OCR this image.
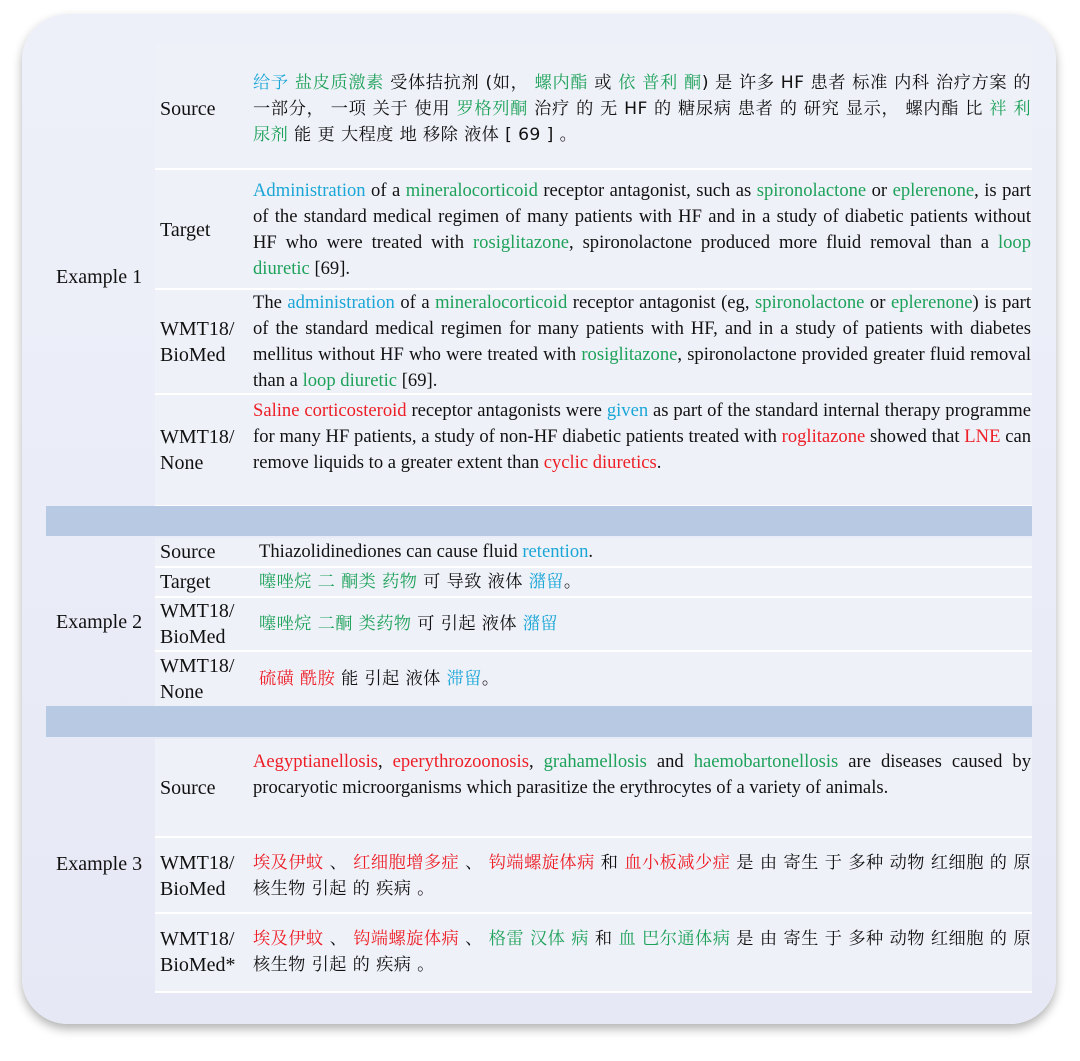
Example 1
Source
给予 盐皮质激素 受体拮抗剂 (如， 螺内酯 或 依 普利 酮) 是 许多 HF 患者 标准 内科 治疗方案 的 一部分， 一项 关于 使用 罗格列酮 治疗 的 无 HF 的 糖尿病 患者 的 研究 显示， 螺内酯 比 袢 利尿剂 能 更 大程度 地 移除 液体 [ 69 ] 。
Target
Administration of a mineralocorticoid receptor antagonist, such as spironolactone or eplerenone, is part of the standard medical regimen of many patients with HF and in a study of diabetic patients without HF who were treated with rosiglitazone, spironolactone produced more fluid removal than a loop diuretic [69].
WMT18/
BioMed
The administration of a mineralocorticoid receptor antagonist (eg, spironolactone or eplerenone) is part of the standard medical regimen for many patients with HF, and in a study of patients with diabetes mellitus without HF who were treated with rosiglitazone, spironolactone provided greater fluid removal than a loop diuretic [69].
WMT18/
None
Saline corticosteroid receptor antagonists were given as part of the standard internal therapy programme for many HF patients, a study of non-HF diabetic patients treated with roglitazone showed that LNE can remove liquids to a greater extent than cyclic diuretics.
Example 2
Source Thiazolidinediones can cause fluid retention.
Target	噻唑烷 二 酮类 药物 可 导致 液体 潴留。
WMT18/
BioMed
噻唑烷 二酮 类药物 可 引起 液体 潴留
WMT18/
None
硫磺 酰胺 能 引起 液体 滞留。
Example 3
Source
Aegyptianellosis, eperythrozoonosis, grahamellosis and haemobartonellosis are diseases caused by procaryotic microorganisms which parasitize the erythrocytes of a variety of animals.
WMT18/
BioMed
埃及伊蚊 、 红细胞增多症 、 钩端螺旋体病 和 血小板减少症 是 由 寄生 于 多种 动物 红细胞 的 原核生物 引起 的 疾病 。
WMT18/
BioMed*
埃及伊蚊 、 钩端螺旋体病 、 格雷 汉体 病 和 血 巴尔通体病 是 由 寄生 于 多种 动物 红细胞 的 原核生物 引起 的 疾病 。
